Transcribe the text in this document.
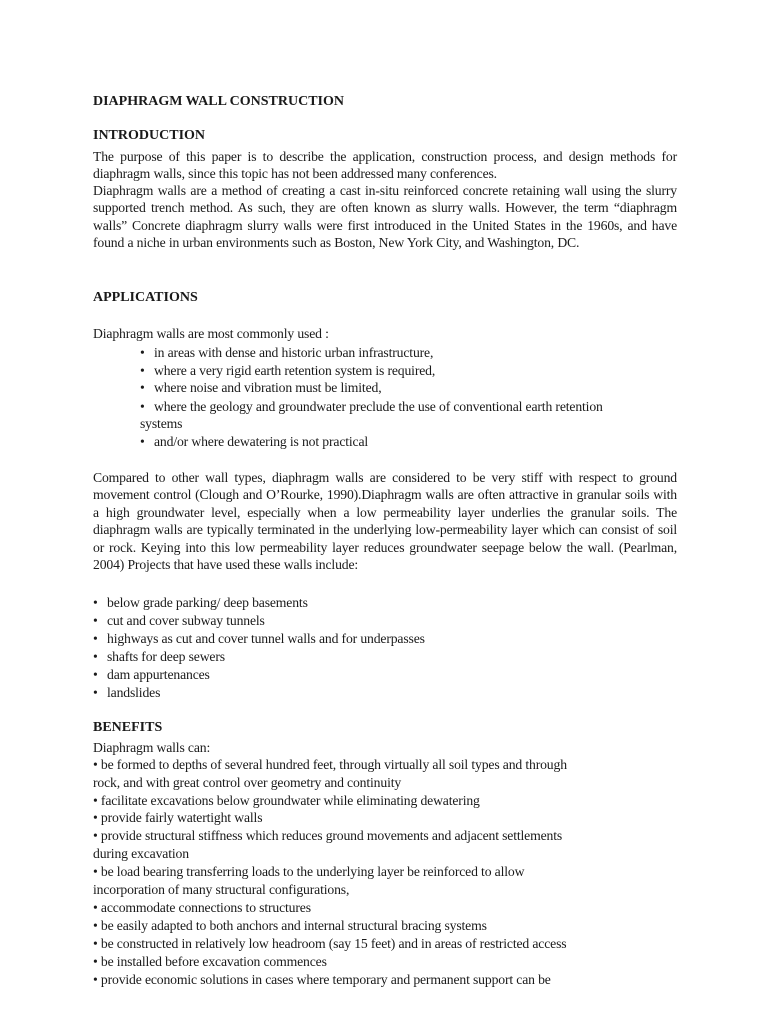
DIAPHRAGM WALL CONSTRUCTION
INTRODUCTION
The purpose of this paper is to describe the application, construction process, and design methods for diaphragm walls, since this topic has not been addressed many conferences.
Diaphragm walls are a method of creating a cast in-situ reinforced concrete retaining wall using the slurry supported trench method. As such, they are often known as slurry walls. However, the term “diaphragm walls” Concrete diaphragm slurry walls were first introduced in the United States in the 1960s, and have found a niche in urban environments such as Boston, New York City, and Washington, DC.
APPLICATIONS
Diaphragm walls are most commonly used :
• in areas with dense and historic urban infrastructure,
• where a very rigid earth retention system is required,
• where noise and vibration must be limited,
• where the geology and groundwater preclude the use of conventional earth retention
systems
• and/or where dewatering is not practical
Compared to other wall types, diaphragm walls are considered to be very stiff with respect to ground movement control (Clough and O’Rourke, 1990).Diaphragm walls are often attractive in granular soils with a high groundwater level, especially when a low permeability layer underlies the granular soils. The diaphragm walls are typically terminated in the underlying low-permeability layer which can consist of soil or rock. Keying into this low permeability layer reduces groundwater seepage below the wall. (Pearlman, 2004) Projects that have used these walls include:
• below grade parking/ deep basements
• cut and cover subway tunnels
• highways as cut and cover tunnel walls and for underpasses
• shafts for deep sewers
• dam appurtenances
• landslides
BENEFITS
Diaphragm walls can:
• be formed to depths of several hundred feet, through virtually all soil types and through
rock, and with great control over geometry and continuity
• facilitate excavations below groundwater while eliminating dewatering
• provide fairly watertight walls
• provide structural stiffness which reduces ground movements and adjacent settlements
during excavation
• be load bearing transferring loads to the underlying layer be reinforced to allow
incorporation of many structural configurations,
• accommodate connections to structures
• be easily adapted to both anchors and internal structural bracing systems
• be constructed in relatively low headroom (say 15 feet) and in areas of restricted access
• be installed before excavation commences
• provide economic solutions in cases where temporary and permanent support can be
